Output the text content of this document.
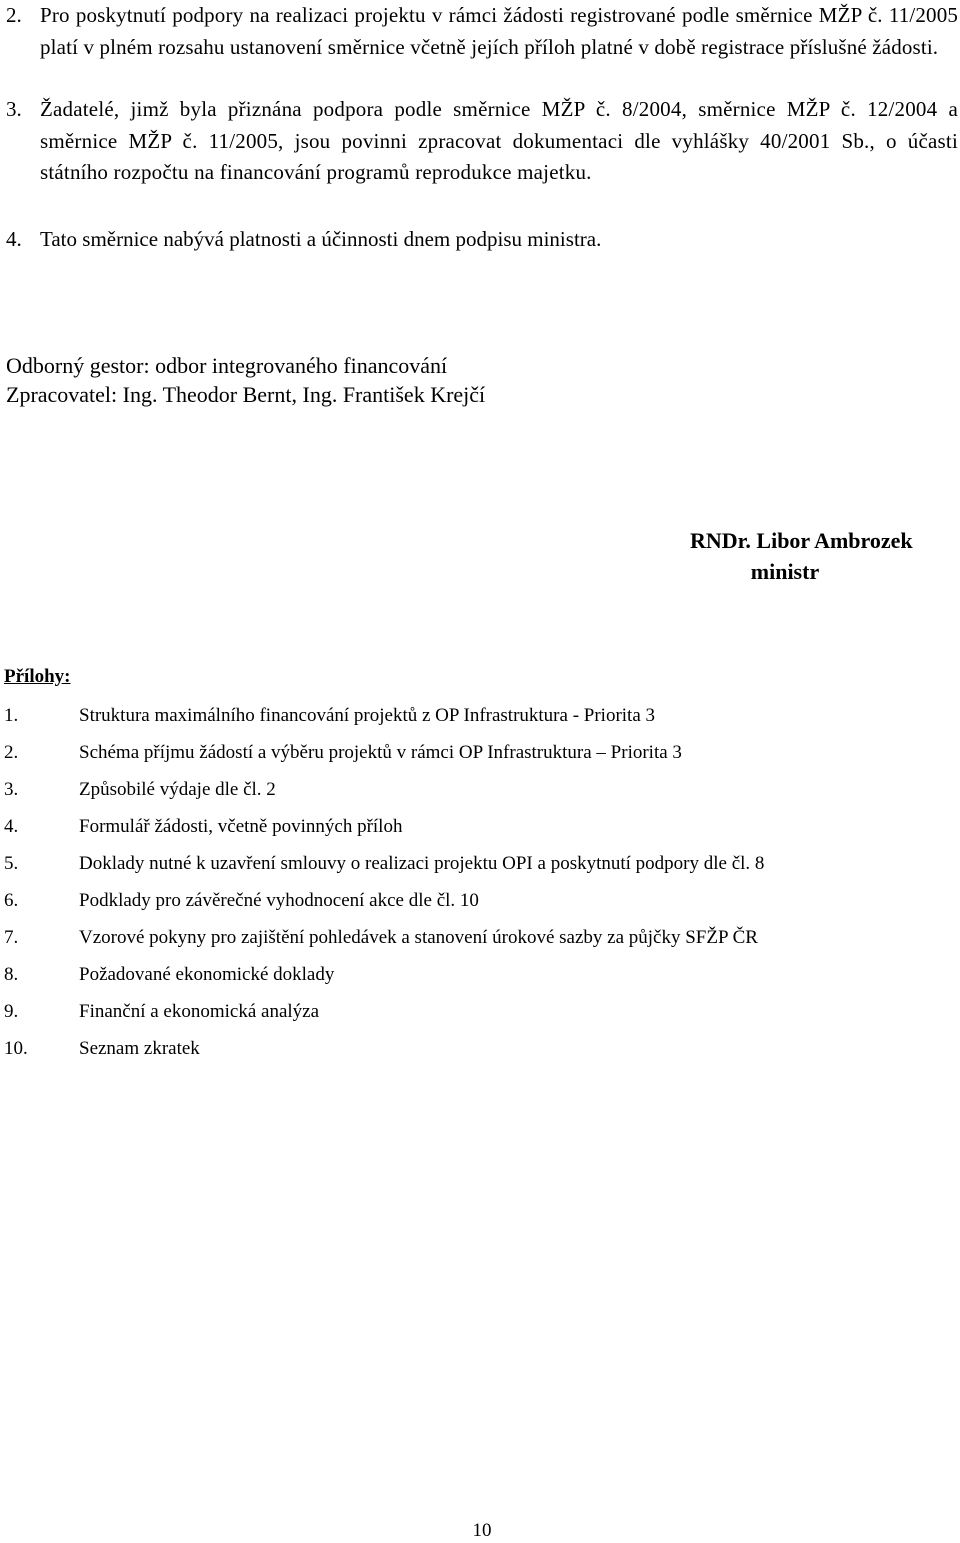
2. Pro poskytnutí podpory na realizaci projektu v rámci žádosti registrované podle směrnice MŽP č. 11/2005 platí v plném rozsahu ustanovení směrnice včetně jejích příloh platné v době registrace příslušné žádosti.
3. Žadatelé, jimž byla přiznána podpora podle směrnice MŽP č. 8/2004, směrnice MŽP č. 12/2004 a směrnice MŽP č. 11/2005, jsou povinni zpracovat dokumentaci dle vyhlášky 40/2001 Sb., o účasti státního rozpočtu na financování programů reprodukce majetku.
4. Tato směrnice nabývá platnosti a účinnosti dnem podpisu ministra.
Odborný gestor: odbor integrovaného financování
Zpracovatel: Ing. Theodor Bernt, Ing. František Krejčí
RNDr. Libor Ambrozek
ministr
Přílohy:
1.	Struktura maximálního financování projektů z OP Infrastruktura - Priorita 3
2.	Schéma příjmu žádostí a výběru projektů v rámci OP Infrastruktura – Priorita 3
3.	Způsobilé výdaje dle čl. 2
4.	Formulář žádosti, včetně povinných příloh
5.	Doklady nutné k uzavření smlouvy o realizaci projektu OPI a poskytnutí podpory dle čl. 8
6.	Podklady pro závěrečné vyhodnocení akce dle čl. 10
7.	Vzorové pokyny pro zajištění pohledávek a stanovení úrokové sazby za půjčky SFŽP ČR
8.	Požadované ekonomické doklady
9.	Finanční a ekonomická analýza
10.	Seznam zkratek
10
